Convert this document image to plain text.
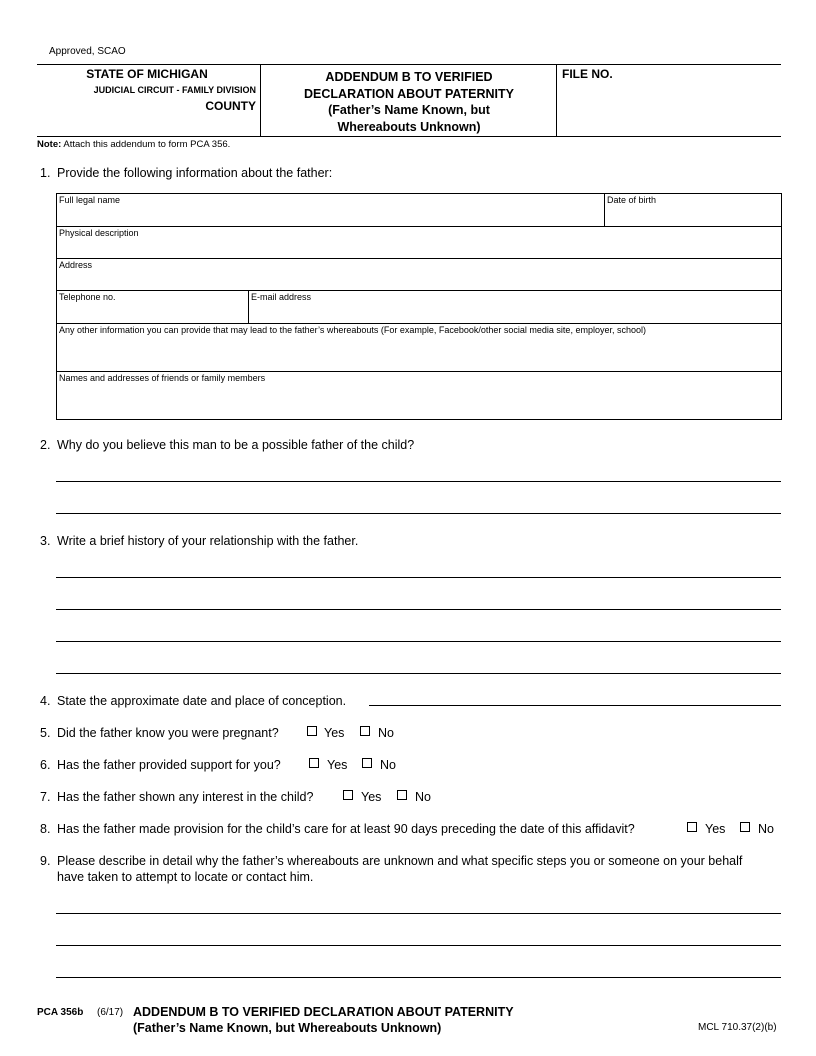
Approved, SCAO
STATE OF MICHIGAN
JUDICIAL CIRCUIT - FAMILY DIVISION
COUNTY
ADDENDUM B TO VERIFIED
DECLARATION ABOUT PATERNITY
(Father’s Name Known, but
Whereabouts Unknown)
FILE NO.
Note: Attach this addendum to form PCA 356.
1. Provide the following information about the father:
Full legal name		Date of birth
Physical description		
Address		
Telephone no.	E-mail address	
Any other information you can provide that may lead to the father’s whereabouts (For example, Facebook/other social media site, employer, school)		
Names and addresses of friends or family members		
2. Why do you believe this man to be a possible father of the child?
3. Write a brief history of your relationship with the father.
4. State the approximate date and place of conception.
5. Did the father know you were pregnant?	Yes	No
6. Has the father provided support for you?	Yes	No
7. Has the father shown any interest in the child?	Yes	No
8. Has the father made provision for the child’s care for at least 90 days preceding the date of this affidavit?	Yes	No
9. Please describe in detail why the father’s whereabouts are unknown and what specific steps you or someone on your behalf
have taken to attempt to locate or contact him.
PCA 356b (6/17) ADDENDUM B TO VERIFIED DECLARATION ABOUT PATERNITY
(Father’s Name Known, but Whereabouts Unknown)	MCL 710.37(2)(b)
